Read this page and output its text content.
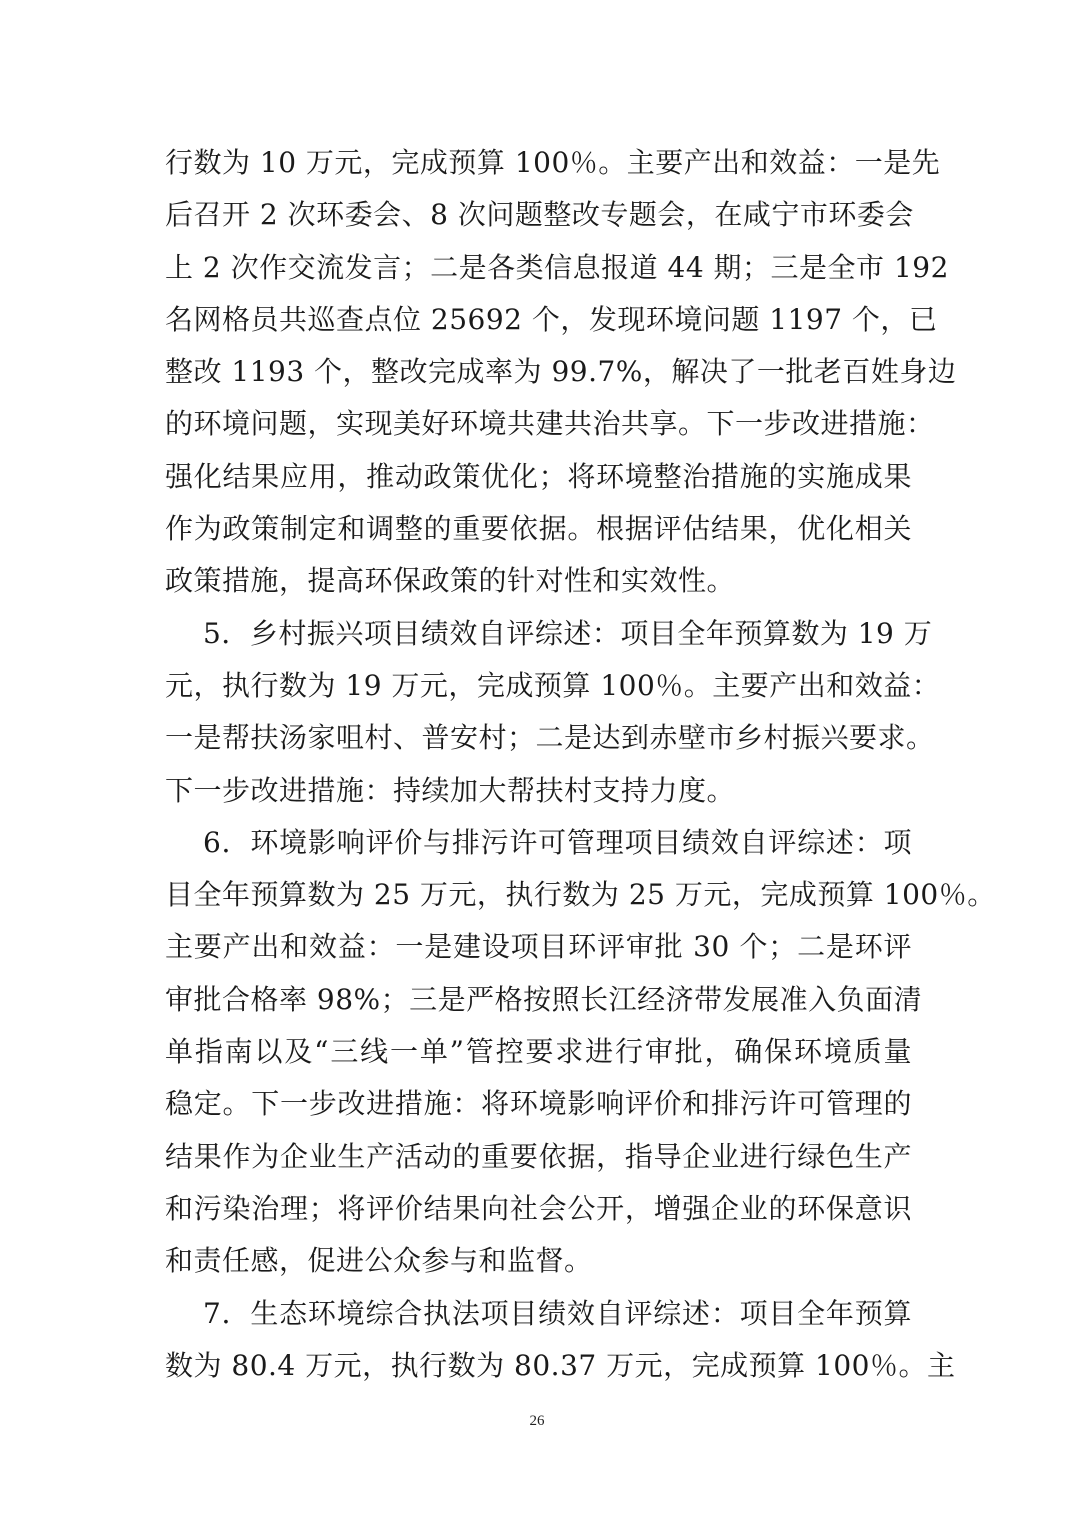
行数为 10 万元，完成预算 100％。主要产出和效益：一是先
后召开 2 次环委会、8 次问题整改专题会，在咸宁市环委会
上 2 次作交流发言；二是各类信息报道 44 期；三是全市 192
名网格员共巡查点位 25692 个，发现环境问题 1197 个，已
整改 1193 个，整改完成率为 99.7%，解决了一批老百姓身边
的环境问题，实现美好环境共建共治共享。下一步改进措施：
强化结果应用，推动政策优化；将环境整治措施的实施成果
作为政策制定和调整的重要依据。根据评估结果，优化相关
政策措施，提高环保政策的针对性和实效性。
5．乡村振兴项目绩效自评综述：项目全年预算数为 19 万
元，执行数为 19 万元，完成预算 100％。主要产出和效益：
一是帮扶汤家咀村、普安村；二是达到赤壁市乡村振兴要求。
下一步改进措施：持续加大帮扶村支持力度。
6．环境影响评价与排污许可管理项目绩效自评综述：项
目全年预算数为 25 万元，执行数为 25 万元，完成预算 100％。
主要产出和效益：一是建设项目环评审批 30 个；二是环评
审批合格率 98%；三是严格按照长江经济带发展准入负面清
单指南以及“三线一单”管控要求进行审批，确保环境质量
稳定。下一步改进措施：将环境影响评价和排污许可管理的
结果作为企业生产活动的重要依据，指导企业进行绿色生产
和污染治理；将评价结果向社会公开，增强企业的环保意识
和责任感，促进公众参与和监督。
7．生态环境综合执法项目绩效自评综述：项目全年预算
数为 80.4 万元，执行数为 80.37 万元，完成预算 100％。主
26
